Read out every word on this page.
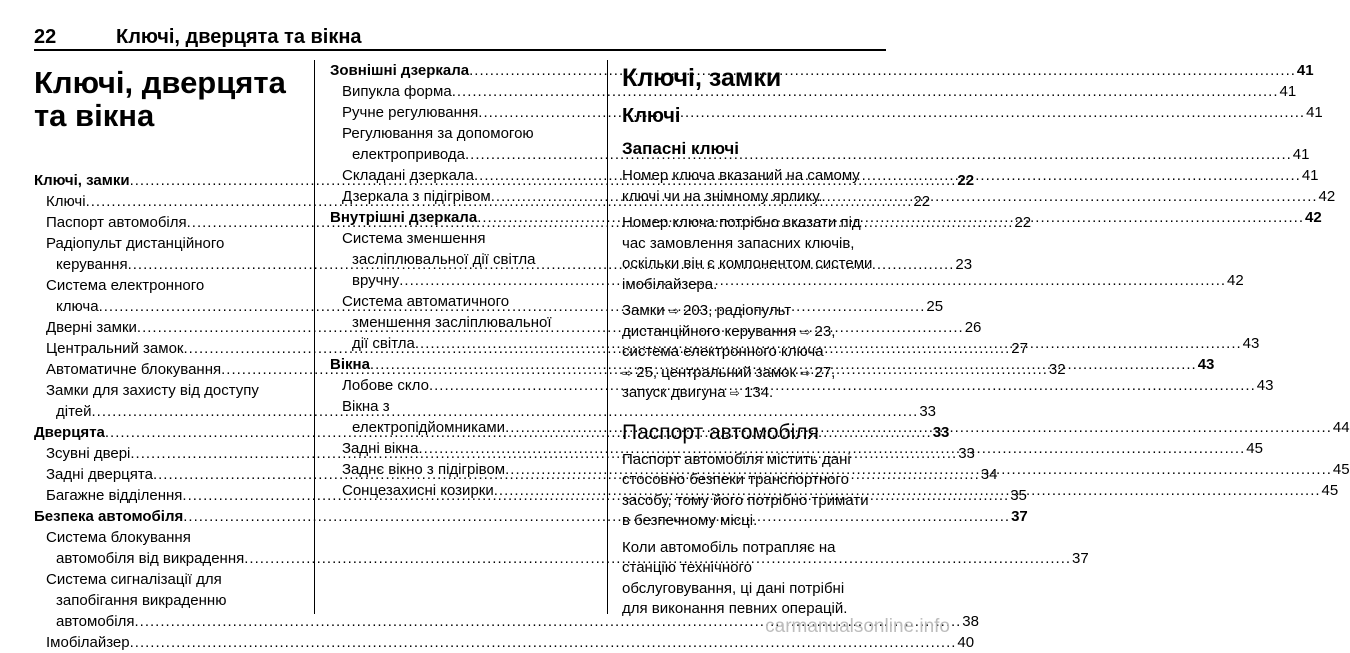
22	Ключі, дверцята та вікна
Ключі, дверцята та вікна
Ключі, замки .....	22
Ключі .....	22
Паспорт автомобіля .....	22
Радіопульт дистанційного
керування .....	23
Система електронного
ключа .....	25
Дверні замки .....	26
Центральний замок .....	27
Автоматичне блокування .....	32
Замки для захисту від доступу
дітей .....	33
Дверцята .....	33
Зсувні двері .....	33
Задні дверцята .....	34
Багажне відділення .....	35
Безпека автомобіля .....	37
Система блокування
автомобіля від викрадення .....	37
Система сигналізації для
запобігання викраденню
автомобіля .....	38
Імобілайзер .....	40
Зовнішні дзеркала .....	41
Випукла форма .....	41
Ручне регулювання .....	41
Регулювання за допомогою
електропривода .....	41
Складані дзеркала .....	41
Дзеркала з підігрівом .....	42
Внутрішні дзеркала .....	42
Система зменшення
засліплювальної дії світла
вручну .....	42
Система автоматичного
зменшення засліплювальної
дії світла .....	43
Вікна .....	43
Лобове скло .....	43
Вікна з
електропідйомниками .....	44
Задні вікна .....	45
Заднє вікно з підігрівом .....	45
Сонцезахисні козирки .....	45
Ключі, замки
Ключі
Запасні ключі
Номер ключа вказаний на самому
ключі чи на знімному ярлику.
Номер ключа потрібно вказати під
час замовлення запасних ключів,
оскільки він є компонентом системи
імобілайзера.
Замки ⇨ 203, радіопульт
дистанційного керування ⇨ 23,
система електронного ключа
⇨ 25, центральний замок ⇨ 27,
запуск двигуна ⇨ 134.
Паспорт автомобіля
Паспорт автомобіля містить дані
стосовно безпеки транспортного
засобу, тому його потрібно тримати
в безпечному місці.
Коли автомобіль потрапляє на
станцію технічного
обслуговування, ці дані потрібні
для виконання певних операцій.
carmanualsonline.info
